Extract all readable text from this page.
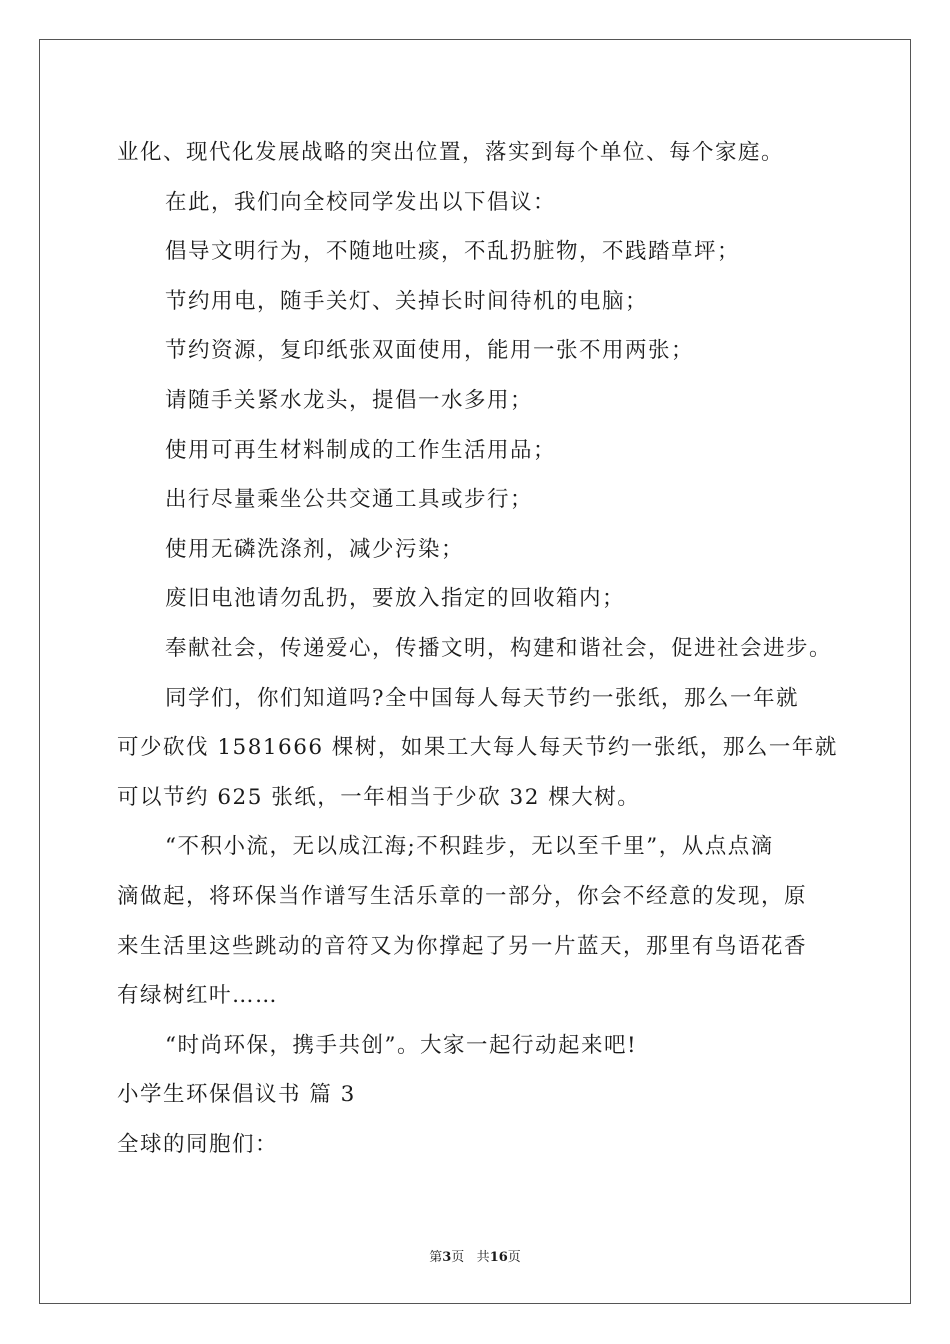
业化、现代化发展战略的突出位置，落实到每个单位、每个家庭。
在此，我们向全校同学发出以下倡议：
倡导文明行为，不随地吐痰，不乱扔脏物，不践踏草坪；
节约用电，随手关灯、关掉长时间待机的电脑；
节约资源，复印纸张双面使用，能用一张不用两张；
请随手关紧水龙头，提倡一水多用；
使用可再生材料制成的工作生活用品；
出行尽量乘坐公共交通工具或步行；
使用无磷洗涤剂，减少污染；
废旧电池请勿乱扔，要放入指定的回收箱内；
奉献社会，传递爱心，传播文明，构建和谐社会，促进社会进步。
同学们，你们知道吗?全中国每人每天节约一张纸，那么一年就
可少砍伐 1581666 棵树，如果工大每人每天节约一张纸，那么一年就
可以节约 625 张纸，一年相当于少砍 32 棵大树。
“不积小流，无以成江海;不积跬步，无以至千里”，从点点滴
滴做起，将环保当作谱写生活乐章的一部分，你会不经意的发现，原
来生活里这些跳动的音符又为你撑起了另一片蓝天，那里有鸟语花香
有绿树红叶……
“时尚环保，携手共创”。大家一起行动起来吧!
小学生环保倡议书 篇 3
全球的同胞们：
第3页 共16页
